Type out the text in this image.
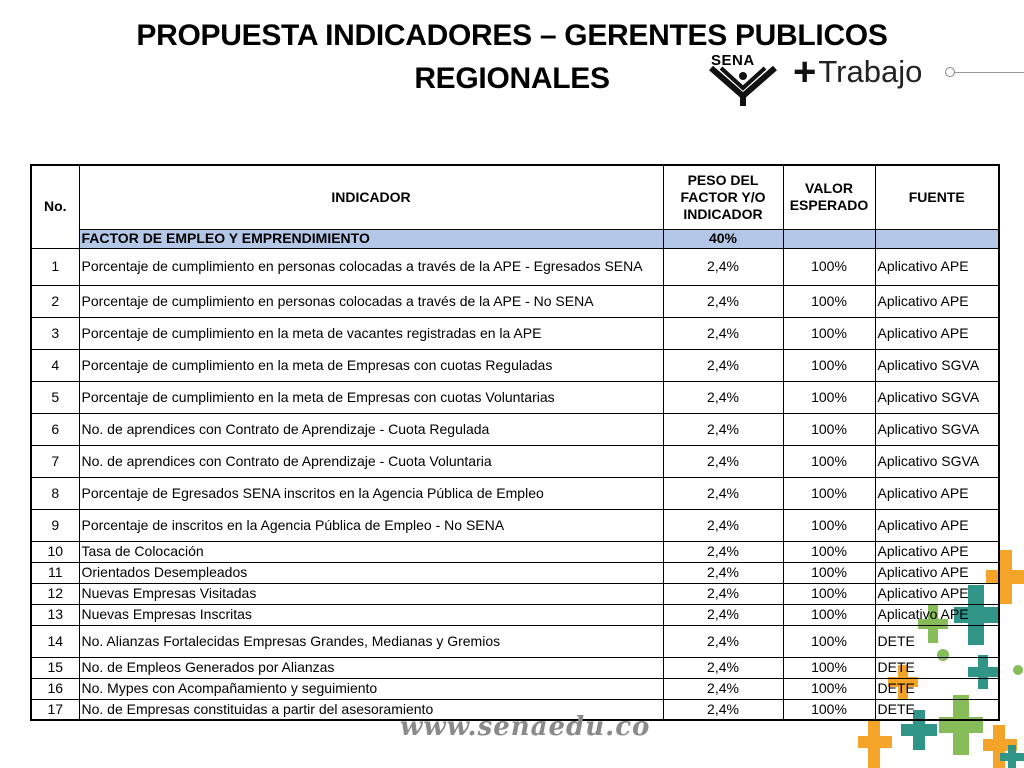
PROPUESTA INDICADORES – GERENTES PUBLICOS
REGIONALES
SENA + Trabajo
No.	INDICADOR	PESO DEL FACTOR Y/O INDICADOR	VALOR ESPERADO	FUENTE
	FACTOR DE EMPLEO Y EMPRENDIMIENTO	40%		
1	Porcentaje de cumplimiento en personas colocadas a través de la APE - Egresados SENA	2,4%	100%	Aplicativo APE
2	Porcentaje de cumplimiento en personas colocadas a través de la APE - No SENA	2,4%	100%	Aplicativo APE
3	Porcentaje de cumplimiento en la meta de vacantes registradas en la APE	2,4%	100%	Aplicativo APE
4	Porcentaje de cumplimiento en la meta de Empresas con cuotas Reguladas	2,4%	100%	Aplicativo SGVA
5	Porcentaje de cumplimiento en la meta de Empresas con cuotas Voluntarias	2,4%	100%	Aplicativo SGVA
6	No. de aprendices con Contrato de Aprendizaje - Cuota Regulada	2,4%	100%	Aplicativo SGVA
7	No. de aprendices con Contrato de Aprendizaje - Cuota Voluntaria	2,4%	100%	Aplicativo SGVA
8	Porcentaje de Egresados SENA inscritos en la Agencia Pública de Empleo	2,4%	100%	Aplicativo APE
9	Porcentaje de inscritos en la Agencia Pública de Empleo - No SENA	2,4%	100%	Aplicativo APE
10	Tasa de Colocación	2,4%	100%	Aplicativo APE
11	Orientados Desempleados	2,4%	100%	Aplicativo APE
12	Nuevas Empresas Visitadas	2,4%	100%	Aplicativo APE
13	Nuevas Empresas Inscritas	2,4%	100%	Aplicativo APE
14	No. Alianzas Fortalecidas Empresas Grandes, Medianas y Gremios	2,4%	100%	DETE
15	No. de Empleos Generados por Alianzas	2,4%	100%	DETE
16	No. Mypes con Acompañamiento y seguimiento	2,4%	100%	DETE
17	No. de Empresas constituidas a partir del asesoramiento	2,4%	100%	DETE
www.senaedu.co
